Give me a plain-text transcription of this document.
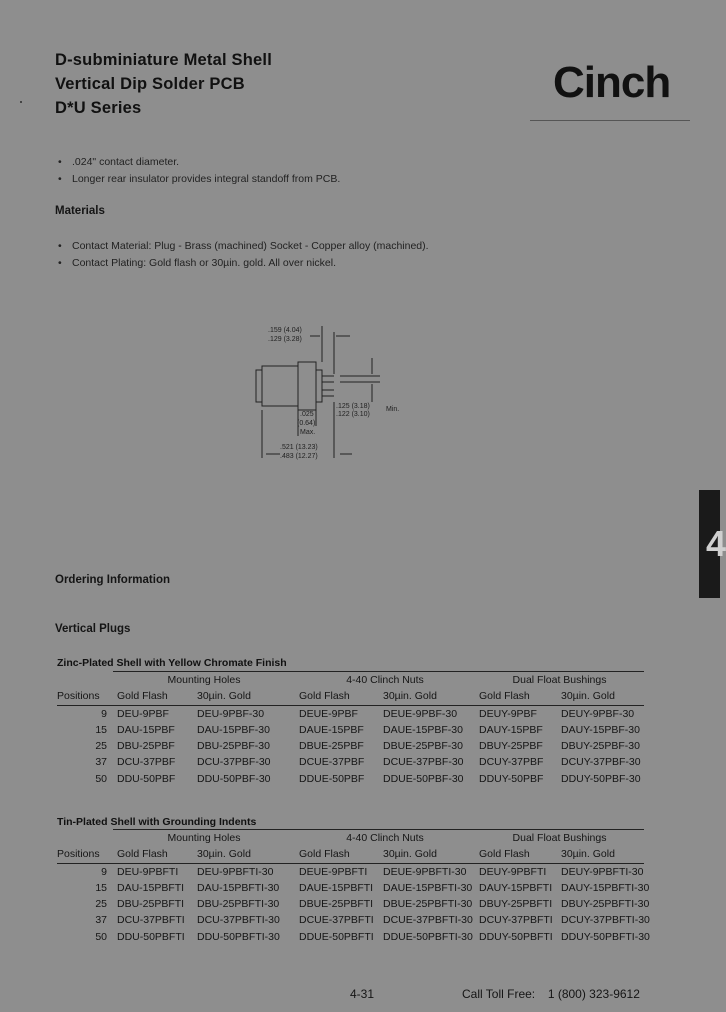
D-subminiature Metal Shell
Vertical Dip Solder PCB
D*U Series
Cinch
• .024" contact diameter.
• Longer rear insulator provides integral standoff from PCB.
Materials
• Contact Material: Plug - Brass (machined) Socket - Copper alloy (machined).
• Contact Plating: Gold flash or 30µin. gold. All over nickel.
.159 (4.04)
.129 (3.28)
.125 (3.18)
.122 (3.10)
Min.
.025
(0.64)
Max.
.521 (13.23)
.483 (12.27)
4
Ordering Information
Vertical Plugs
Zinc-Plated Shell with Yellow Chromate Finish
	Mounting Holes		4-40 Clinch Nuts		Dual Float Bushings	
Positions	Gold Flash	30µin. Gold	Gold Flash	30µin. Gold	Gold Flash	30µin. Gold
9	DEU-9PBF	DEU-9PBF-30	DEUE-9PBF	DEUE-9PBF-30	DEUY-9PBF	DEUY-9PBF-30
15	DAU-15PBF	DAU-15PBF-30	DAUE-15PBF	DAUE-15PBF-30	DAUY-15PBF	DAUY-15PBF-30
25	DBU-25PBF	DBU-25PBF-30	DBUE-25PBF	DBUE-25PBF-30	DBUY-25PBF	DBUY-25PBF-30
37	DCU-37PBF	DCU-37PBF-30	DCUE-37PBF	DCUE-37PBF-30	DCUY-37PBF	DCUY-37PBF-30
50	DDU-50PBF	DDU-50PBF-30	DDUE-50PBF	DDUE-50PBF-30	DDUY-50PBF	DDUY-50PBF-30
Tin-Plated Shell with Grounding Indents
	Mounting Holes		4-40 Clinch Nuts		Dual Float Bushings	
Positions	Gold Flash	30µin. Gold	Gold Flash	30µin. Gold	Gold Flash	30µin. Gold
9	DEU-9PBFTI	DEU-9PBFTI-30	DEUE-9PBFTI	DEUE-9PBFTI-30	DEUY-9PBFTI	DEUY-9PBFTI-30
15	DAU-15PBFTI	DAU-15PBFTI-30	DAUE-15PBFTI	DAUE-15PBFTI-30	DAUY-15PBFTI	DAUY-15PBFTI-30
25	DBU-25PBFTI	DBU-25PBFTI-30	DBUE-25PBFTI	DBUE-25PBFTI-30	DBUY-25PBFTI	DBUY-25PBFTI-30
37	DCU-37PBFTI	DCU-37PBFTI-30	DCUE-37PBFTI	DCUE-37PBFTI-30	DCUY-37PBFTI	DCUY-37PBFTI-30
50	DDU-50PBFTI	DDU-50PBFTI-30	DDUE-50PBFTI	DDUE-50PBFTI-30	DDUY-50PBFTI	DDUY-50PBFTI-30
4-31	Call Toll Free: 1 (800) 323-9612
